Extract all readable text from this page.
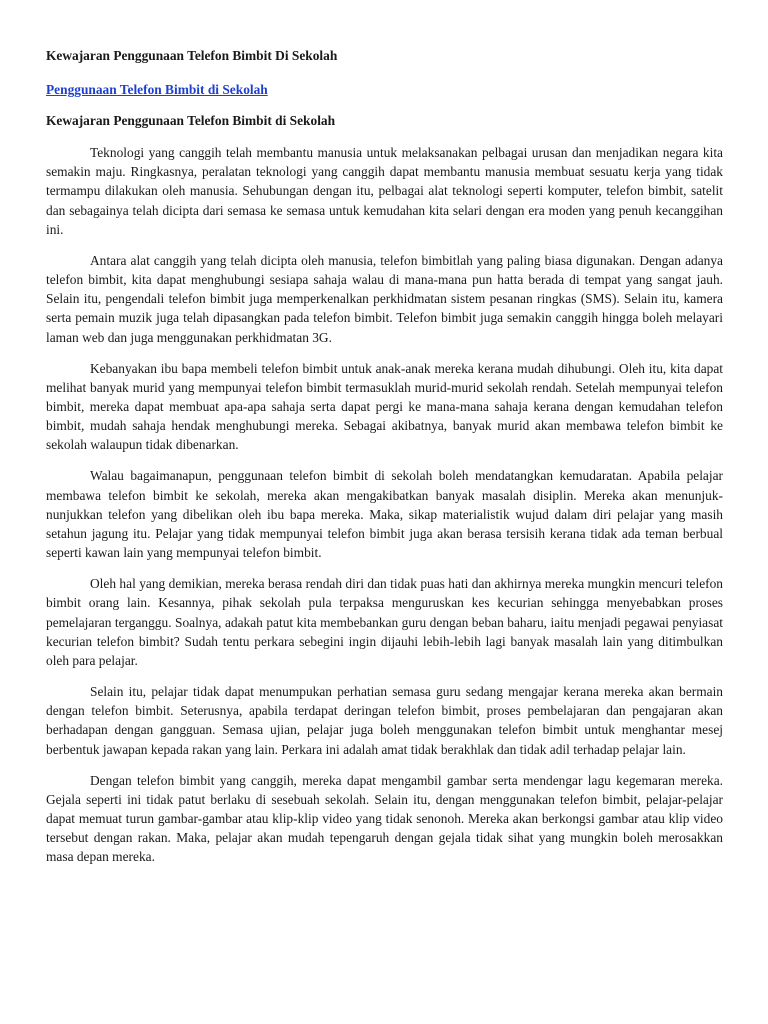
Kewajaran Penggunaan Telefon Bimbit Di Sekolah
Penggunaan Telefon Bimbit di Sekolah
Kewajaran Penggunaan Telefon Bimbit di Sekolah

Teknologi yang canggih telah membantu manusia untuk melaksanakan pelbagai urusan dan menjadikan negara kita semakin maju. Ringkasnya, peralatan teknologi yang canggih dapat membantu manusia membuat sesuatu kerja yang tidak termampu dilakukan oleh manusia. Sehubungan dengan itu, pelbagai alat teknologi seperti komputer, telefon bimbit, satelit dan sebagainya telah dicipta dari semasa ke semasa untuk kemudahan kita selari dengan era moden yang penuh kecanggihan ini.

Antara alat canggih yang telah dicipta oleh manusia, telefon bimbitlah yang paling biasa digunakan. Dengan adanya telefon bimbit, kita dapat menghubungi sesiapa sahaja walau di mana-mana pun hatta berada di tempat yang sangat jauh. Selain itu, pengendali telefon bimbit juga memperkenalkan perkhidmatan sistem pesanan ringkas (SMS). Selain itu, kamera serta pemain muzik juga telah dipasangkan pada telefon bimbit. Telefon bimbit juga semakin canggih hingga boleh melayari laman web dan juga menggunakan perkhidmatan 3G.

Kebanyakan ibu bapa membeli telefon bimbit untuk anak-anak mereka kerana mudah dihubungi. Oleh itu, kita dapat melihat banyak murid yang mempunyai telefon bimbit termasuklah murid-murid sekolah rendah. Setelah mempunyai telefon bimbit, mereka dapat membuat apa-apa sahaja serta dapat pergi ke mana-mana sahaja kerana dengan kemudahan telefon bimbit, mudah sahaja hendak menghubungi mereka. Sebagai akibatnya, banyak murid akan membawa telefon bimbit ke sekolah walaupun tidak dibenarkan.

Walau bagaimanapun, penggunaan telefon bimbit di sekolah boleh mendatangkan kemudaratan. Apabila pelajar membawa telefon bimbit ke sekolah, mereka akan mengakibatkan banyak masalah disiplin. Mereka akan menunjuk-nunjukkan telefon yang dibelikan oleh ibu bapa mereka. Maka, sikap materialistik wujud dalam diri pelajar yang masih setahun jagung itu. Pelajar yang tidak mempunyai telefon bimbit juga akan berasa tersisih kerana tidak ada teman berbual seperti kawan lain yang mempunyai telefon bimbit.

Oleh hal yang demikian, mereka berasa rendah diri dan tidak puas hati dan akhirnya mereka mungkin mencuri telefon bimbit orang lain. Kesannya, pihak sekolah pula terpaksa menguruskan kes kecurian sehingga menyebabkan proses pemelajaran terganggu. Soalnya, adakah patut kita membebankan guru dengan beban baharu, iaitu menjadi pegawai penyiasat kecurian telefon bimbit? Sudah tentu perkara sebegini ingin dijauhi lebih-lebih lagi banyak masalah lain yang ditimbulkan oleh para pelajar.

Selain itu, pelajar tidak dapat menumpukan perhatian semasa guru sedang mengajar kerana mereka akan bermain dengan telefon bimbit. Seterusnya, apabila terdapat deringan telefon bimbit, proses pembelajaran dan pengajaran akan berhadapan dengan gangguan. Semasa ujian, pelajar juga boleh menggunakan telefon bimbit untuk menghantar mesej berbentuk jawapan kepada rakan yang lain. Perkara ini adalah amat tidak berakhlak dan tidak adil terhadap pelajar lain.

Dengan telefon bimbit yang canggih, mereka dapat mengambil gambar serta mendengar lagu kegemaran mereka. Gejala seperti ini tidak patut berlaku di sesebuah sekolah. Selain itu, dengan menggunakan telefon bimbit, pelajar-pelajar dapat memuat turun gambar-gambar atau klip-klip video yang tidak senonoh. Mereka akan berkongsi gambar atau klip video tersebut dengan rakan. Maka, pelajar akan mudah tepengaruh dengan gejala tidak sihat yang mungkin boleh merosakkan masa depan mereka.
